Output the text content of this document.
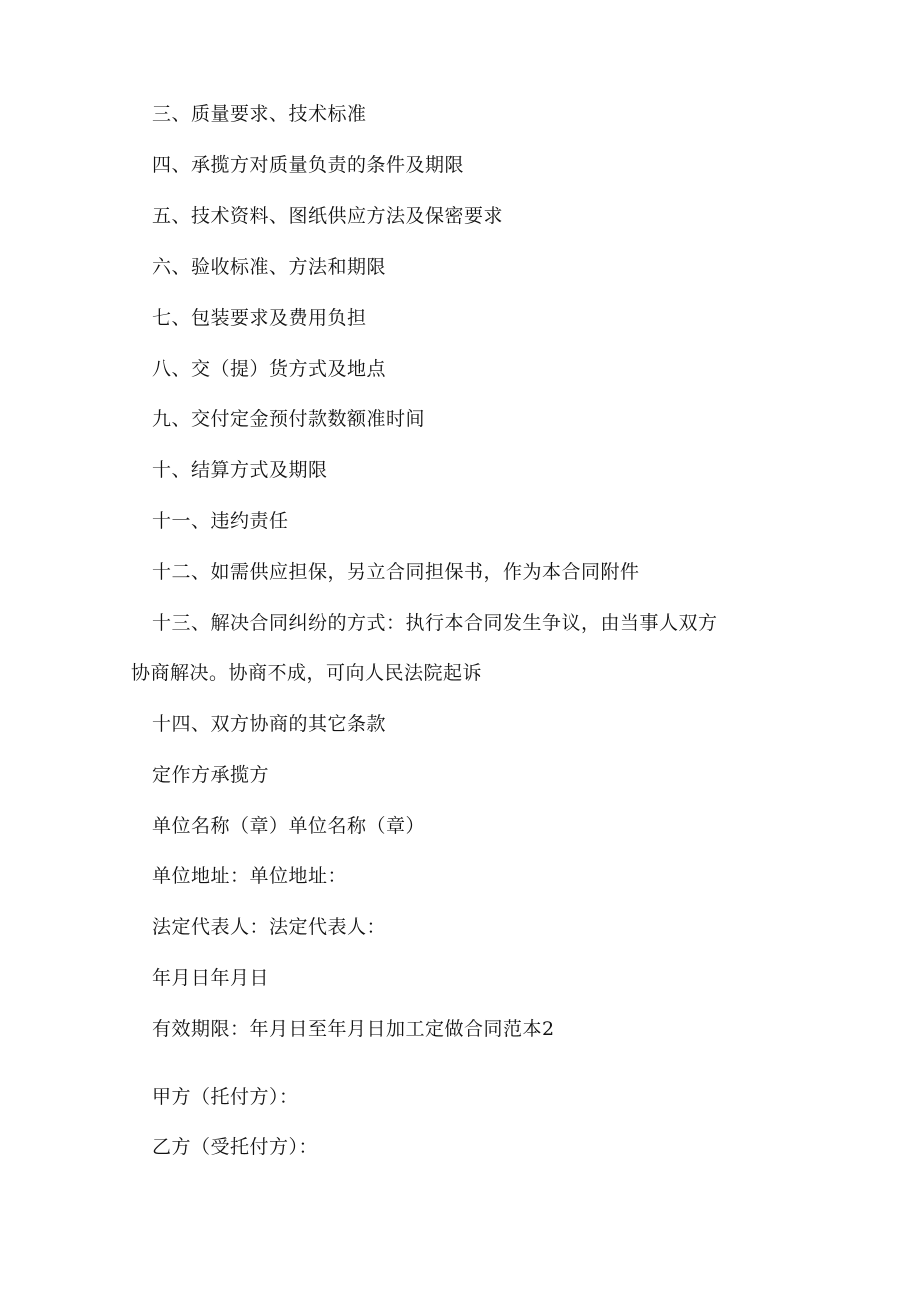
三、质量要求、技术标准
四、承揽方对质量负责的条件及期限
五、技术资料、图纸供应方法及保密要求
六、验收标准、方法和期限
七、包装要求及费用负担
八、交（提）货方式及地点
九、交付定金预付款数额准时间
十、结算方式及期限
十一、违约责任
十二、如需供应担保，另立合同担保书，作为本合同附件
十三、解决合同纠纷的方式：执行本合同发生争议，由当事人双方
协商解决。协商不成，可向人民法院起诉
十四、双方协商的其它条款
定作方承揽方
单位名称（章）单位名称（章）
单位地址：单位地址：
法定代表人：法定代表人：
年月日年月日
有效期限：年月日至年月日加工定做合同范本2
甲方（托付方）：
乙方（受托付方）：
